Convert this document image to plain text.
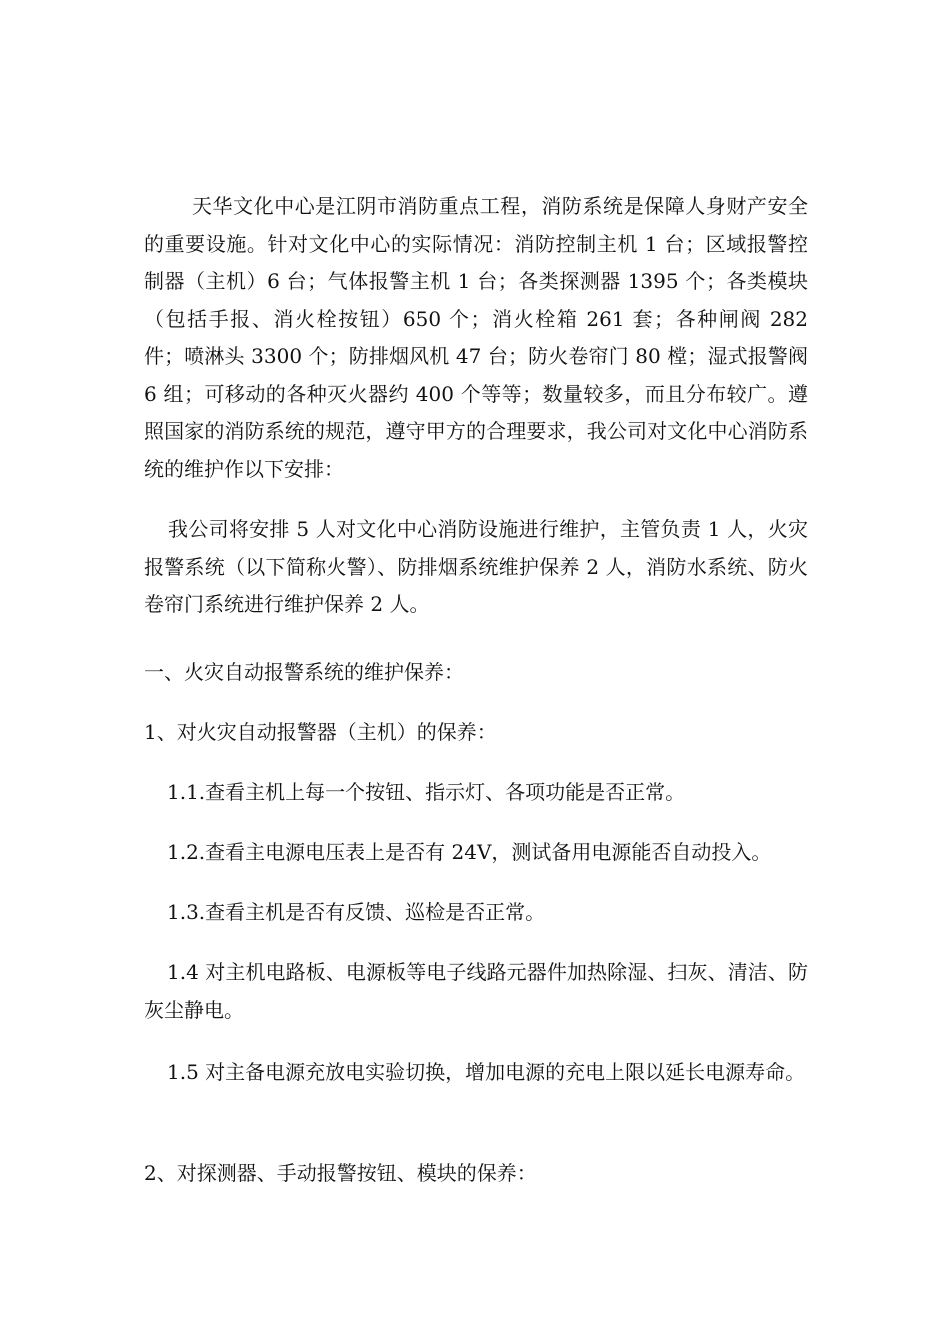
天华文化中心是江阴市消防重点工程，消防系统是保障人身财产安全的重要设施。针对文化中心的实际情况：消防控制主机 1 台；区域报警控制器（主机）6 台；气体报警主机 1 台；各类探测器 1395 个；各类模块（包括手报、消火栓按钮）650 个；消火栓箱 261 套；各种闸阀 282 件；喷淋头 3300 个；防排烟风机 47 台；防火卷帘门 80 樘；湿式报警阀 6 组；可移动的各种灭火器约 400 个等等；数量较多，而且分布较广。遵照国家的消防系统的规范，遵守甲方的合理要求，我公司对文化中心消防系统的维护作以下安排：

我公司将安排 5 人对文化中心消防设施进行维护，主管负责 1 人，火灾报警系统（以下简称火警）、防排烟系统维护保养 2 人，消防水系统、防火卷帘门系统进行维护保养 2 人。

一、火灾自动报警系统的维护保养：

1、对火灾自动报警器（主机）的保养：

1.1.查看主机上每一个按钮、指示灯、各项功能是否正常。

1.2.查看主电源电压表上是否有 24V，测试备用电源能否自动投入。

1.3.查看主机是否有反馈、巡检是否正常。

1.4 对主机电路板、电源板等电子线路元器件加热除湿、扫灰、清洁、防灰尘静电。

1.5 对主备电源充放电实验切换，增加电源的充电上限以延长电源寿命。

2、对探测器、手动报警按钮、模块的保养：
